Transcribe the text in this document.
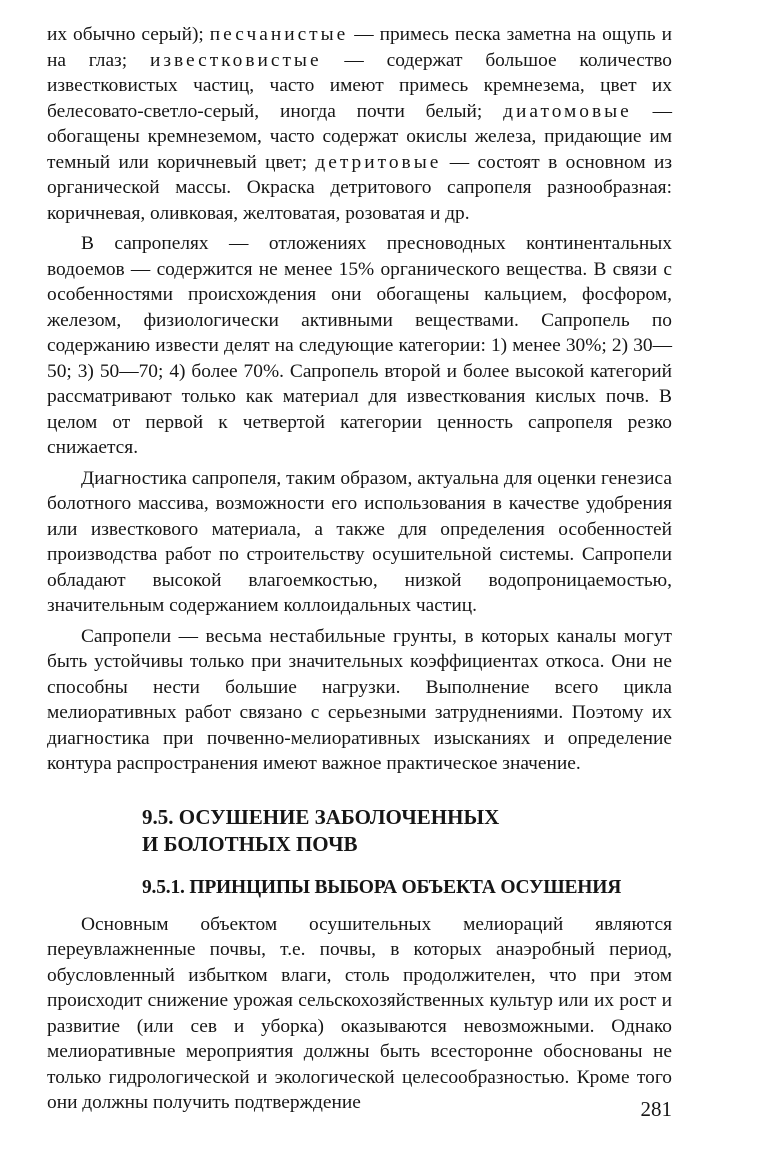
их обычно серый); песчанистые — примесь песка заметна на ощупь и на глаз; известковистые — содержат большое количество известковистых частиц, часто имеют примесь кремнезема, цвет их белесовато-светло-серый, иногда почти белый; диатомовые — обогащены кремнеземом, часто содержат окислы железа, придающие им темный или коричневый цвет; детритовые — состоят в основном из органической массы. Окраска детритового сапропеля разнообразная: коричневая, оливковая, желтоватая, розоватая и др.

В сапропелях — отложениях пресноводных континентальных водоемов — содержится не менее 15% органического вещества. В связи с особенностями происхождения они обогащены кальцием, фосфором, железом, физиологически активными веществами. Сапропель по содержанию извести делят на следующие категории: 1) менее 30%; 2) 30—50; 3) 50—70; 4) более 70%. Сапропель второй и более высокой категорий рассматривают только как материал для известкования кислых почв. В целом от первой к четвертой категории ценность сапропеля резко снижается.

Диагностика сапропеля, таким образом, актуальна для оценки генезиса болотного массива, возможности его использования в качестве удобрения или известкового материала, а также для определения особенностей производства работ по строительству осушительной системы. Сапропели обладают высокой влагоемкостью, низкой водопроницаемостью, значительным содержанием коллоидальных частиц.

Сапропели — весьма нестабильные грунты, в которых каналы могут быть устойчивы только при значительных коэффициентах откоса. Они не способны нести большие нагрузки. Выполнение всего цикла мелиоративных работ связано с серьезными затруднениями. Поэтому их диагностика при почвенно-мелиоративных изысканиях и определение контура распространения имеют важное практическое значение.

9.5. ОСУШЕНИЕ ЗАБОЛОЧЕННЫХ
И БОЛОТНЫХ ПОЧВ

9.5.1. ПРИНЦИПЫ ВЫБОРА ОБЪЕКТА ОСУШЕНИЯ

Основным объектом осушительных мелиораций являются переувлажненные почвы, т.е. почвы, в которых анаэробный период, обусловленный избытком влаги, столь продолжителен, что при этом происходит снижение урожая сельскохозяйственных культур или их рост и развитие (или сев и уборка) оказываются невозможными. Однако мелиоративные мероприятия должны быть всесторонне обоснованы не только гидрологической и экологической целесообразностью. Кроме того они должны получить подтверждение	281
